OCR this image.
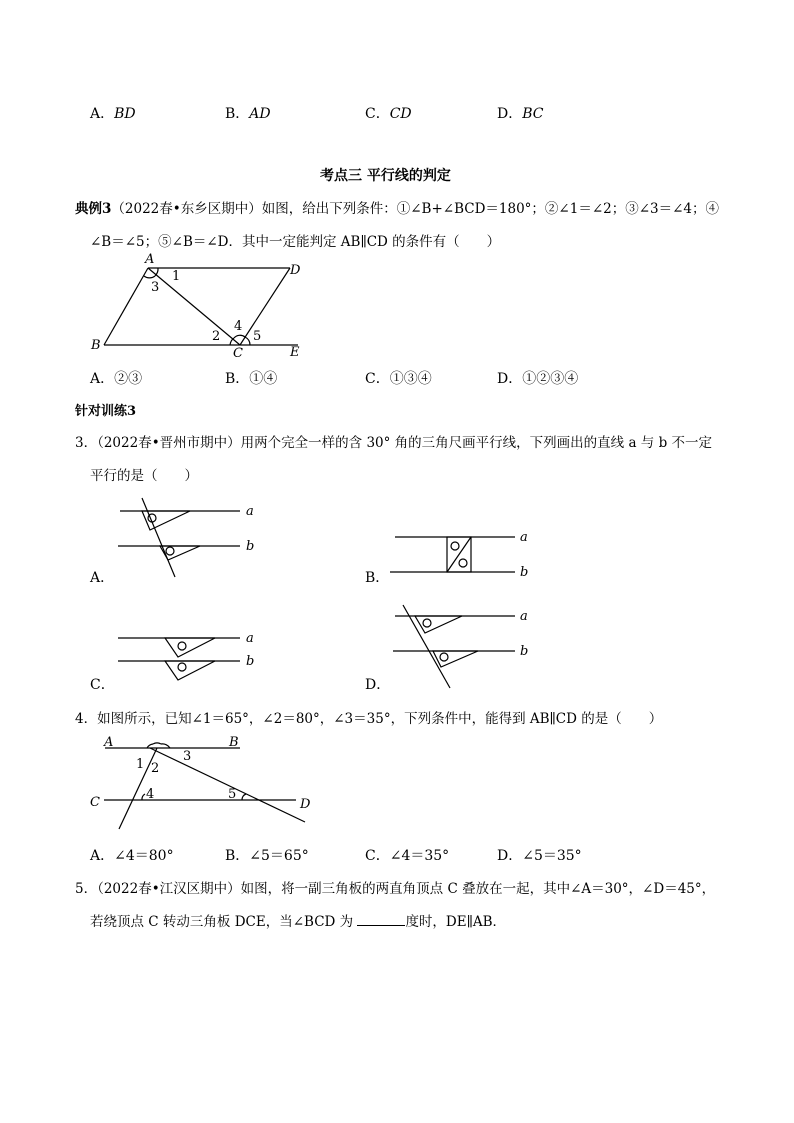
A．BD	B．AD	C．CD	D．BC
考点三 平行线的判定
典例3（2022春•东乡区期中）如图，给出下列条件：①∠B+∠BCD＝180°；②∠1＝∠2；③∠3＝∠4；④
∠B＝∠5；⑤∠B＝∠D．其中一定能判定 AB∥CD 的条件有（　　）
A
D
B
C	E
1
2
3
4
5
A．②③	B．①④	C．①③④	D．①②③④
针对训练3
3．（2022春•晋州市期中）用两个完全一样的含 30° 角的三角尺画平行线，下列画出的直线 a 与 b 不一定
平行的是（　　）
a
b
a
b
a
b
a
b
A．	B．
C．	D．
4．如图所示，已知∠1＝65°，∠2＝80°，∠3＝35°，下列条件中，能得到 AB∥CD 的是（　　）
A	B
C	D
1 2
3
4	5
A．∠4＝80°	B．∠5＝65°	C．∠4＝35°	D．∠5＝35°
5．（2022春•江汉区期中）如图，将一副三角板的两直角顶点 C 叠放在一起，其中∠A＝30°，∠D＝45°，
若绕顶点 C 转动三角板 DCE，当∠BCD 为	度时，DE∥AB．
